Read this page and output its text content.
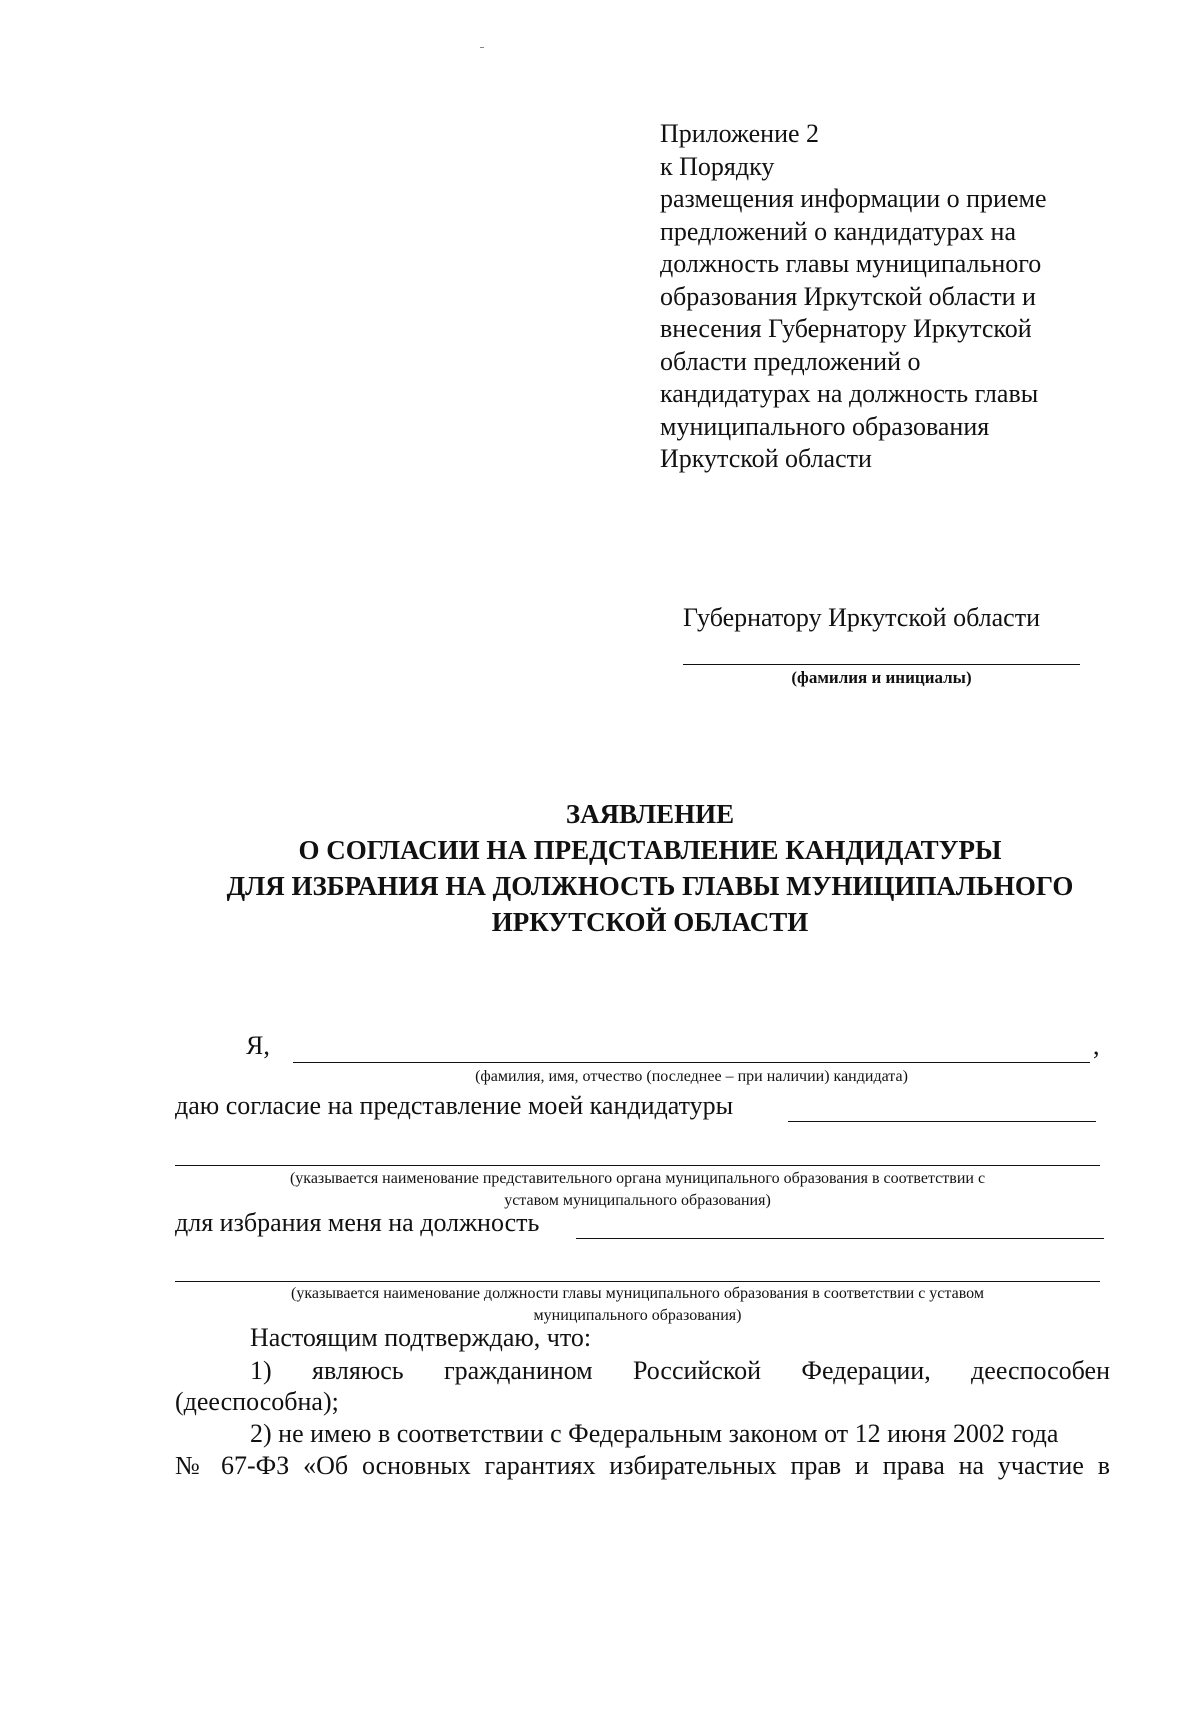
Приложение 2
к Порядку
размещения информации о приеме
предложений о кандидатурах на
должность главы муниципального
образования Иркутской области и
внесения Губернатору Иркутской
области предложений о
кандидатурах на должность главы
муниципального образования
Иркутской области
Губернатору Иркутской области
(фамилия и инициалы)
ЗАЯВЛЕНИЕ
О СОГЛАСИИ НА ПРЕДСТАВЛЕНИЕ КАНДИДАТУРЫ
ДЛЯ ИЗБРАНИЯ НА ДОЛЖНОСТЬ ГЛАВЫ МУНИЦИПАЛЬНОГО
ИРКУТСКОЙ ОБЛАСТИ
Я,	,
(фамилия, имя, отчество (последнее – при наличии) кандидата)
даю согласие на представление моей кандидатуры
(указывается наименование представительного органа муниципального образования в соответствии с
уставом муниципального образования)
для избрания меня на должность
(указывается наименование должности главы муниципального образования в соответствии с уставом
муниципального образования)
Настоящим подтверждаю, что:
1) являюсь гражданином Российской Федерации, дееспособен
(дееспособна);
2) не имею в соответствии с Федеральным законом от 12 июня 2002 года
№ 67-ФЗ «Об основных гарантиях избирательных прав и права на участие в
